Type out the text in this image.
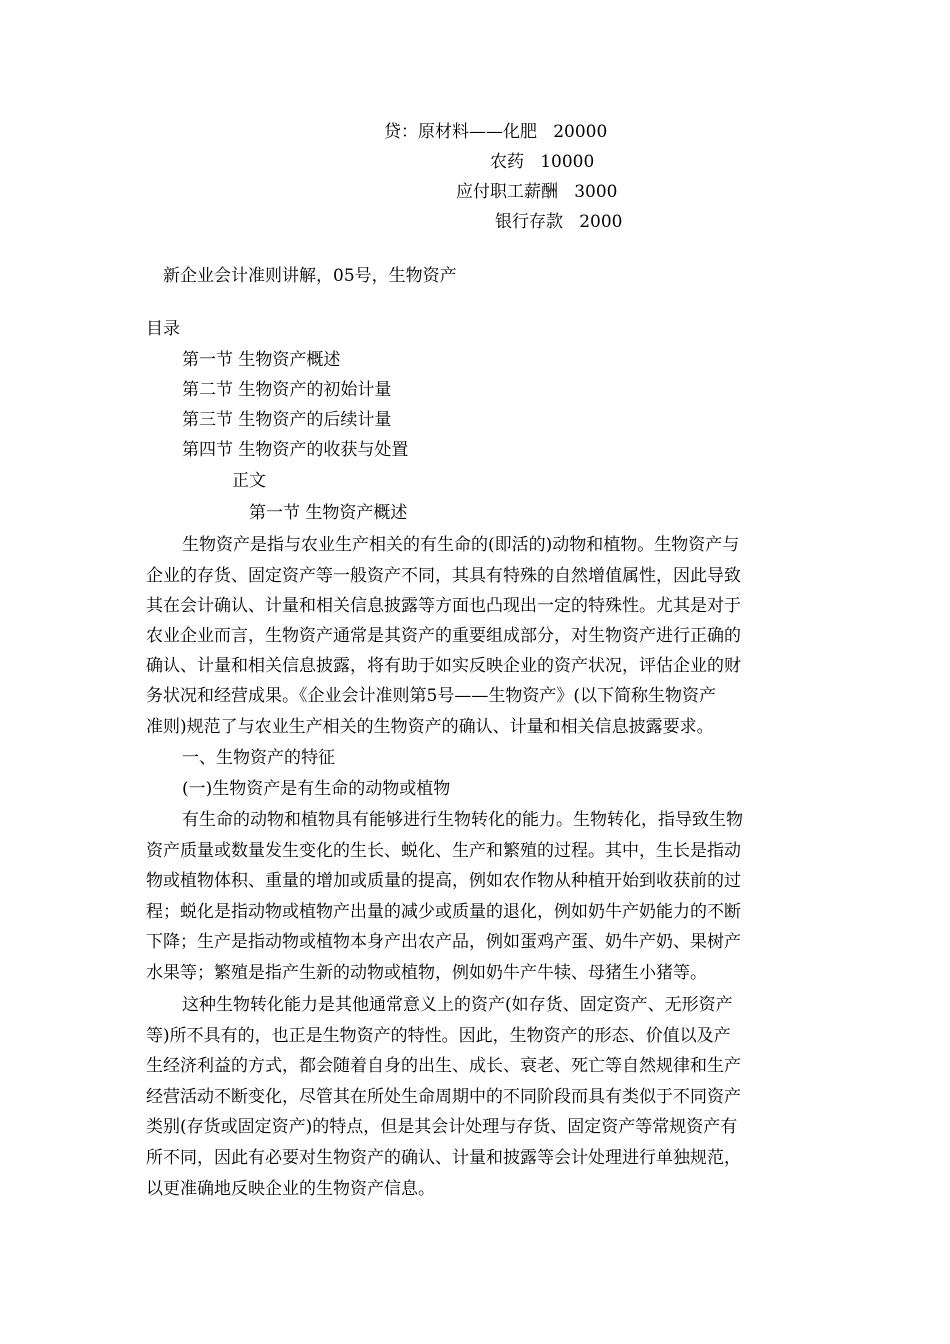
贷：原材料——化肥   20000
农药   10000
应付职工薪酬   3000
银行存款   2000
新企业会计准则讲解，05号，生物资产
目录
第一节 生物资产概述
第二节 生物资产的初始计量
第三节 生物资产的后续计量
第四节 生物资产的收获与处置
正文
第一节 生物资产概述
生物资产是指与农业生产相关的有生命的(即活的)动物和植物。生物资产与
企业的存货、固定资产等一般资产不同，其具有特殊的自然增值属性，因此导致
其在会计确认、计量和相关信息披露等方面也凸现出一定的特殊性。尤其是对于
农业企业而言，生物资产通常是其资产的重要组成部分，对生物资产进行正确的
确认、计量和相关信息披露，将有助于如实反映企业的资产状况，评估企业的财
务状况和经营成果。《企业会计准则第5号——生物资产》(以下简称生物资产
准则)规范了与农业生产相关的生物资产的确认、计量和相关信息披露要求。
一、生物资产的特征
(一)生物资产是有生命的动物或植物
有生命的动物和植物具有能够进行生物转化的能力。生物转化，指导致生物
资产质量或数量发生变化的生长、蜕化、生产和繁殖的过程。其中，生长是指动
物或植物体积、重量的增加或质量的提高，例如农作物从种植开始到收获前的过
程；蜕化是指动物或植物产出量的减少或质量的退化，例如奶牛产奶能力的不断
下降；生产是指动物或植物本身产出农产品，例如蛋鸡产蛋、奶牛产奶、果树产
水果等；繁殖是指产生新的动物或植物，例如奶牛产牛犊、母猪生小猪等。
这种生物转化能力是其他通常意义上的资产(如存货、固定资产、无形资产
等)所不具有的，也正是生物资产的特性。因此，生物资产的形态、价值以及产
生经济利益的方式，都会随着自身的出生、成长、衰老、死亡等自然规律和生产
经营活动不断变化，尽管其在所处生命周期中的不同阶段而具有类似于不同资产
类别(存货或固定资产)的特点，但是其会计处理与存货、固定资产等常规资产有
所不同，因此有必要对生物资产的确认、计量和披露等会计处理进行单独规范，
以更准确地反映企业的生物资产信息。
